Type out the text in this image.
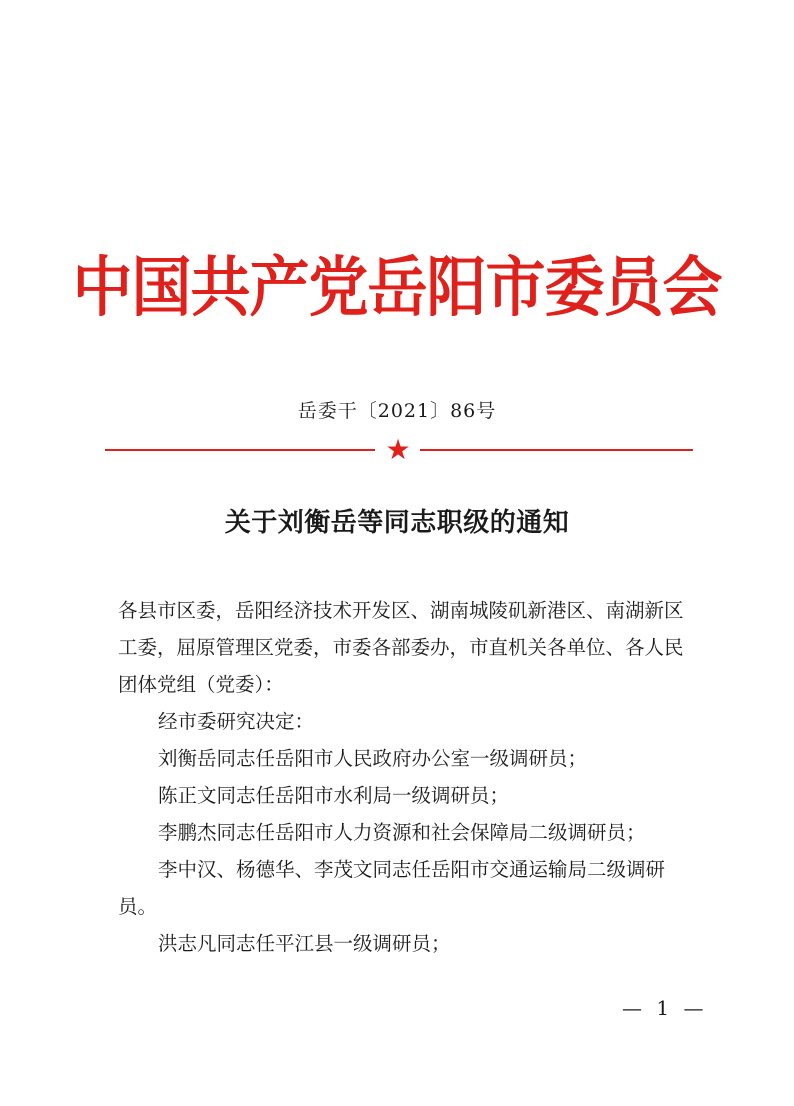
中国共产党岳阳市委员会
岳委干〔2021〕86号
★
关于刘衡岳等同志职级的通知

各县市区委，岳阳经济技术开发区、湖南城陵矶新港区、南湖新区工委，屈原管理区党委，市委各部委办，市直机关各单位、各人民团体党组（党委）：

经市委研究决定：

刘衡岳同志任岳阳市人民政府办公室一级调研员；

陈正文同志任岳阳市水利局一级调研员；

李鹏杰同志任岳阳市人力资源和社会保障局二级调研员；

李中汉、杨德华、李茂文同志任岳阳市交通运输局二级调研员。

洪志凡同志任平江县一级调研员；

— 1 —
